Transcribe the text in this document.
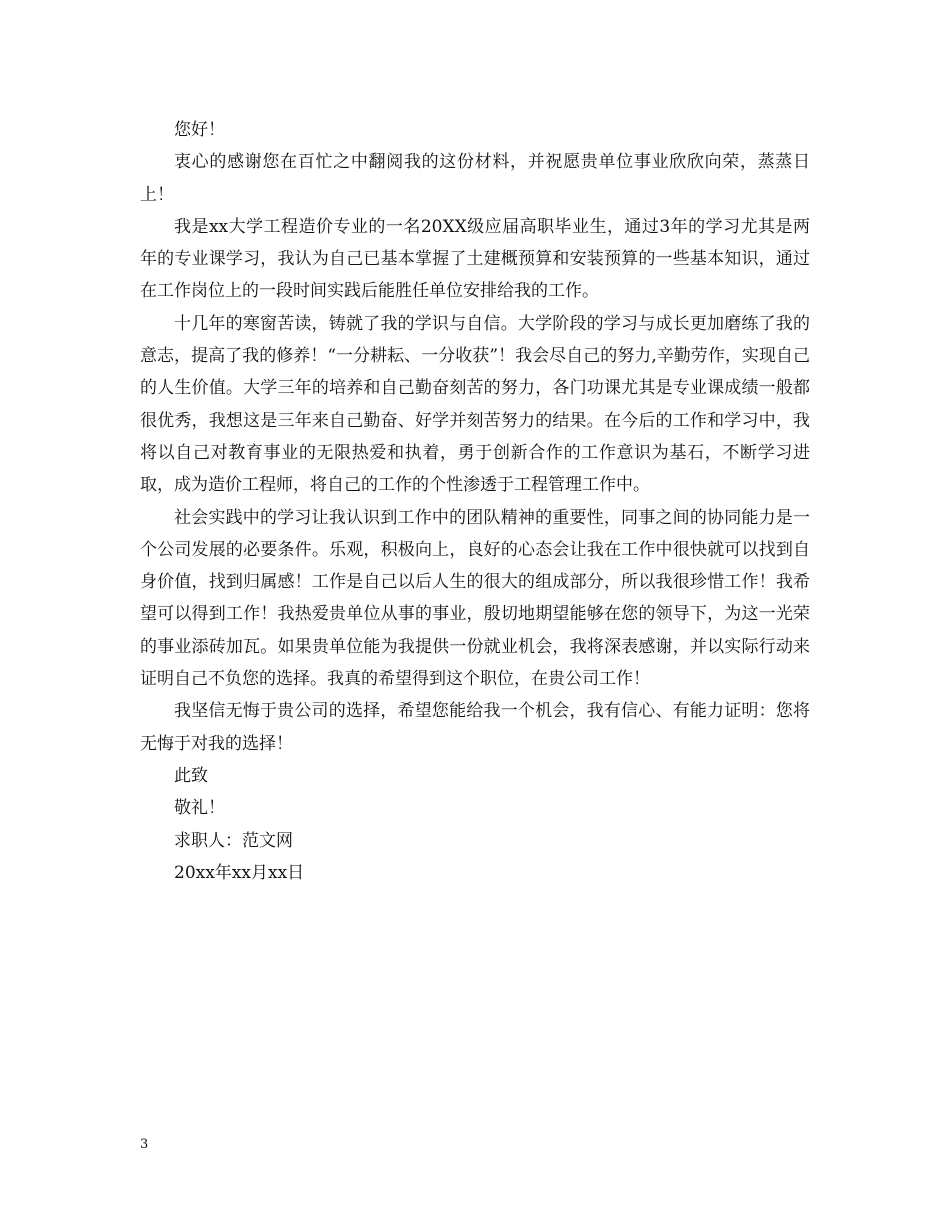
您好！

衷心的感谢您在百忙之中翻阅我的这份材料，并祝愿贵单位事业欣欣向荣，蒸蒸日上！

我是xx大学工程造价专业的一名20XX级应届高职毕业生，通过3年的学习尤其是两年的专业课学习，我认为自己已基本掌握了土建概预算和安装预算的一些基本知识，通过在工作岗位上的一段时间实践后能胜任单位安排给我的工作。

十几年的寒窗苦读，铸就了我的学识与自信。大学阶段的学习与成长更加磨练了我的意志，提高了我的修养！“一分耕耘、一分收获”！我会尽自己的努力,辛勤劳作，实现自己的人生价值。大学三年的培养和自己勤奋刻苦的努力，各门功课尤其是专业课成绩一般都很优秀，我想这是三年来自己勤奋、好学并刻苦努力的结果。在今后的工作和学习中，我将以自己对教育事业的无限热爱和执着，勇于创新合作的工作意识为基石，不断学习进取，成为造价工程师，将自己的工作的个性渗透于工程管理工作中。

社会实践中的学习让我认识到工作中的团队精神的重要性，同事之间的协同能力是一个公司发展的必要条件。乐观，积极向上，良好的心态会让我在工作中很快就可以找到自身价值，找到归属感！工作是自己以后人生的很大的组成部分，所以我很珍惜工作！我希望可以得到工作！我热爱贵单位从事的事业，殷切地期望能够在您的领导下，为这一光荣的事业添砖加瓦。如果贵单位能为我提供一份就业机会，我将深表感谢，并以实际行动来证明自己不负您的选择。我真的希望得到这个职位，在贵公司工作！

我坚信无悔于贵公司的选择，希望您能给我一个机会，我有信心、有能力证明：您将无悔于对我的选择！

此致

敬礼！

求职人：范文网

20xx年xx月xx日

3
